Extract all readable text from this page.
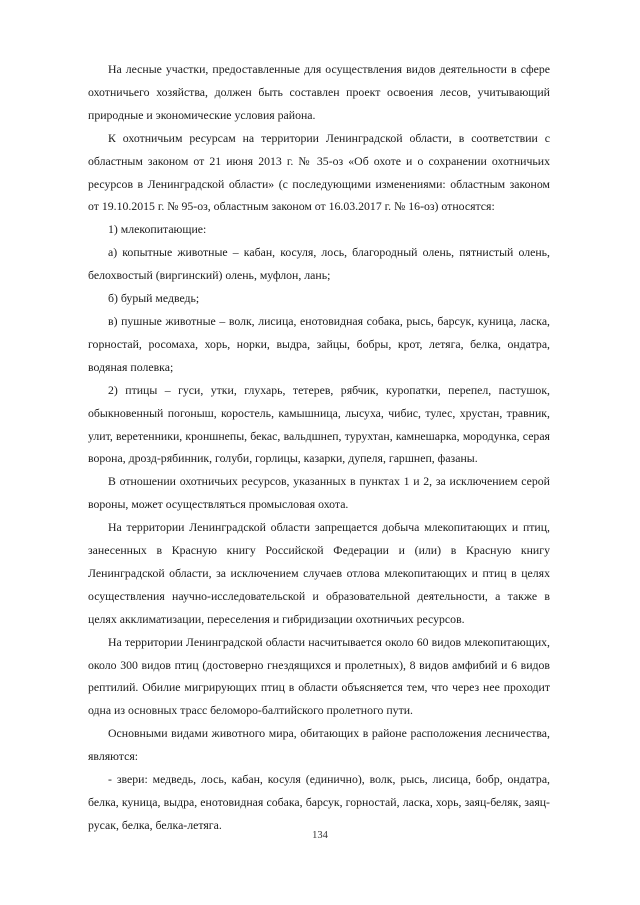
На лесные участки, предоставленные для осуществления видов деятельности в сфере охотничьего хозяйства, должен быть составлен проект освоения лесов, учитывающий природные и экономические условия района.

К охотничьим ресурсам на территории Ленинградской области, в соответствии с областным законом от 21 июня 2013 г. № 35-оз «Об охоте и о сохранении охотничьих ресурсов в Ленинградской области» (с последующими изменениями: областным законом от 19.10.2015 г. № 95-оз, областным законом от 16.03.2017 г. № 16-оз) относятся:

1) млекопитающие:

а) копытные животные – кабан, косуля, лось, благородный олень, пятнистый олень, белохвостый (виргинский) олень, муфлон, лань;

б) бурый медведь;

в) пушные животные – волк, лисица, енотовидная собака, рысь, барсук, куница, ласка, горностай, росомаха, хорь, норки, выдра, зайцы, бобры, крот, летяга, белка, ондатра, водяная полевка;

2) птицы – гуси, утки, глухарь, тетерев, рябчик, куропатки, перепел, пастушок, обыкновенный погоныш, коростель, камышница, лысуха, чибис, тулес, хрустан, травник, улит, веретенники, кроншнепы, бекас, вальдшнеп, турухтан, камнешарка, мородунка, серая ворона, дрозд-рябинник, голуби, горлицы, казарки, дупеля, гаршнеп, фазаны.

В отношении охотничьих ресурсов, указанных в пунктах 1 и 2, за исключением серой вороны, может осуществляться промысловая охота.

На территории Ленинградской области запрещается добыча млекопитающих и птиц, занесенных в Красную книгу Российской Федерации и (или) в Красную книгу Ленинградской области, за исключением случаев отлова млекопитающих и птиц в целях осуществления научно-исследовательской и образовательной деятельности, а также в целях акклиматизации, переселения и гибридизации охотничьих ресурсов.

На территории Ленинградской области насчитывается около 60 видов млекопитающих, около 300 видов птиц (достоверно гнездящихся и пролетных), 8 видов амфибий и 6 видов рептилий. Обилие мигрирующих птиц в области объясняется тем, что через нее проходит одна из основных трасс беломоро-балтийского пролетного пути.

Основными видами животного мира, обитающих в районе расположения лесничества, являются:

- звери: медведь, лось, кабан, косуля (единично), волк, рысь, лисица, бобр, ондатра, белка, куница, выдра, енотовидная собака, барсук, горностай, ласка, хорь, заяц-беляк, заяц-русак, белка, белка-летяга.

134
